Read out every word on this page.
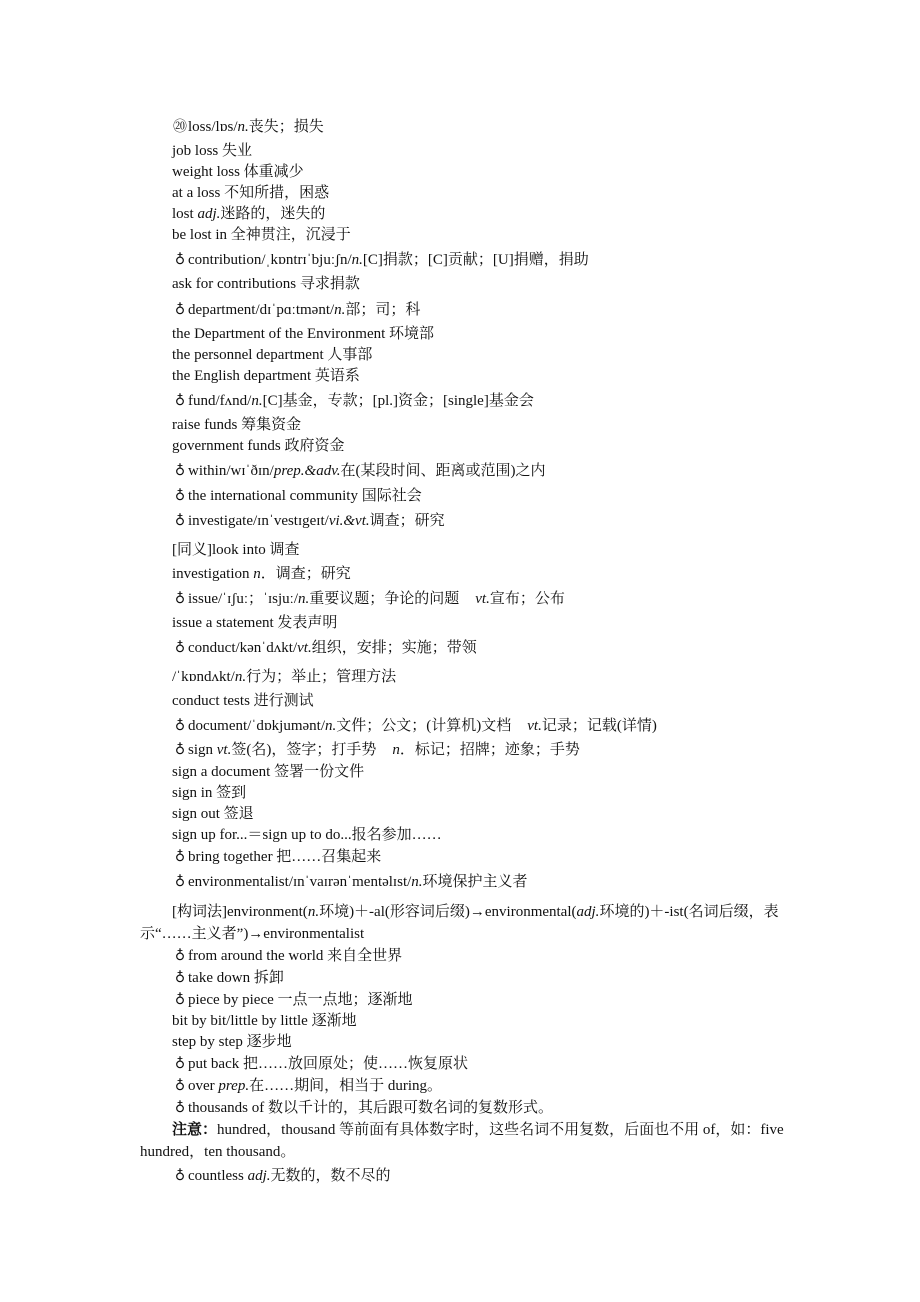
⑳loss/lɒs/n.丧失；损失
job loss 失业
weight loss 体重减少
at a loss 不知所措，困惑
lost adj.迷路的，迷失的
be lost in 全神贯注，沉浸于
♁ contribution/ˌkɒntrɪˈbjuːʃn/n.[C]捐款；[C]贡献；[U]捐赠，捐助
ask for contributions 寻求捐款
♁ department/dɪˈpɑːtmənt/n.部；司；科
the Department of the Environment 环境部
the personnel department 人事部
the English department 英语系
♁ fund/fʌnd/n.[C]基金，专款；[pl.]资金；[single]基金会
raise funds 筹集资金
government funds 政府资金
♁ within/wɪˈðɪn/prep.&adv.在(某段时间、距离或范围)之内
♁ the international community 国际社会
♁ investigate/ɪnˈvestɪgeɪt/vi.&vt.调查；研究
[同义]look into 调查
investigation n．调查；研究
♁ issue/ˈɪʃuː；ˈɪsjuː/n.重要议题；争论的问题 vt.宣布；公布
issue a statement 发表声明
♁ conduct/kənˈdʌkt/vt.组织，安排；实施；带领
/ˈkɒndʌkt/n.行为；举止；管理方法
conduct tests 进行测试
♁ document/ˈdɒkjumənt/n.文件；公文；(计算机)文档 vt.记录；记载(详情)
♁ sign vt.签(名)，签字；打手势 n．标记；招牌；迹象；手势
sign a document 签署一份文件
sign in 签到
sign out 签退
sign up for...＝sign up to do...报名参加……
♁ bring together 把……召集起来
♁ environmentalist/ɪnˈvaɪrənˈmentəlɪst/n.环境保护主义者
[构词法]environment(n.环境)＋-al(形容词后缀)→environmental(adj.环境的)＋-ist(名词后缀，表示“……主义者”)→environmentalist
♁ from around the world 来自全世界
♁ take down 拆卸
♁ piece by piece 一点一点地；逐渐地
bit by bit/little by little 逐渐地
step by step 逐步地
♁ put back 把……放回原处；使……恢复原状
♁ over prep.在……期间，相当于 during。
♁ thousands of 数以千计的，其后跟可数名词的复数形式。
注意：hundred，thousand 等前面有具体数字时，这些名词不用复数，后面也不用 of，如：five hundred，ten thousand。
♁ countless adj.无数的，数不尽的
